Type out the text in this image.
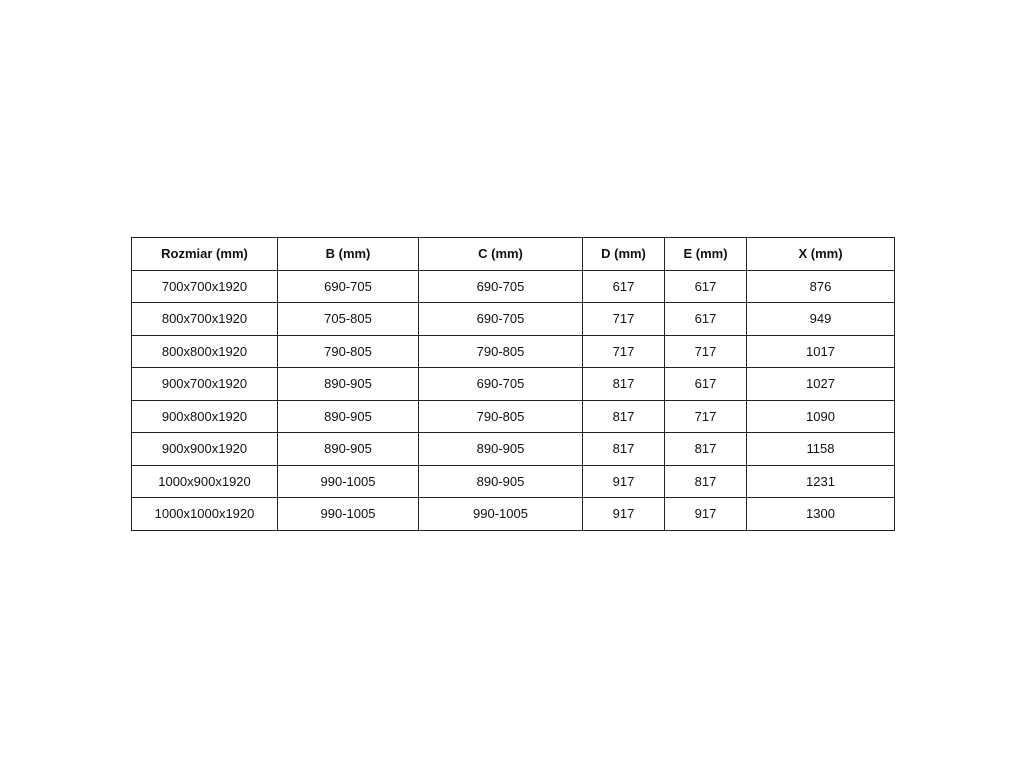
Rozmiar (mm)	B (mm)	C (mm)	D (mm)	E (mm)	X (mm)
700x700x1920	690-705	690-705	617	617	876
800x700x1920	705-805	690-705	717	617	949
800x800x1920	790-805	790-805	717	717	1017
900x700x1920	890-905	690-705	817	617	1027
900x800x1920	890-905	790-805	817	717	1090
900x900x1920	890-905	890-905	817	817	1158
1000x900x1920	990-1005	890-905	917	817	1231
1000x1000x1920	990-1005	990-1005	917	917	1300
